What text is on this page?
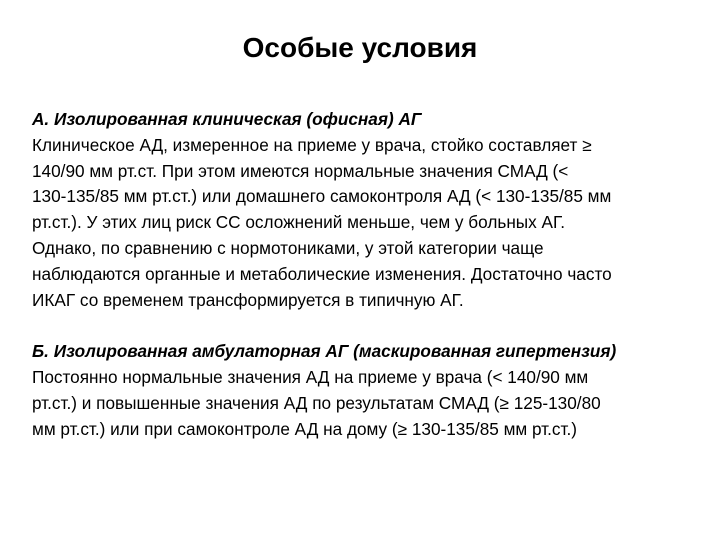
Особые условия
А. Изолированная клиническая (офисная) АГ
Клиническое АД, измеренное на приеме у врача, стойко составляет ≥
140/90 мм рт.ст. При этом имеются нормальные значения СМАД (<
130-135/85 мм рт.ст.) или домашнего самоконтроля АД (< 130-135/85 мм
рт.ст.). У этих лиц риск СС осложнений меньше, чем у больных АГ.
Однако, по сравнению с нормотониками, у этой категории чаще
наблюдаются органные и метаболические изменения. Достаточно часто
ИКАГ со временем трансформируется в типичную АГ.
Б. Изолированная амбулаторная АГ (маскированная гипертензия)
Постоянно нормальные значения АД на приеме у врача (< 140/90 мм
рт.ст.) и повышенные значения АД по результатам СМАД (≥ 125-130/80
мм рт.ст.) или при самоконтроле АД на дому (≥ 130-135/85 мм рт.ст.)
